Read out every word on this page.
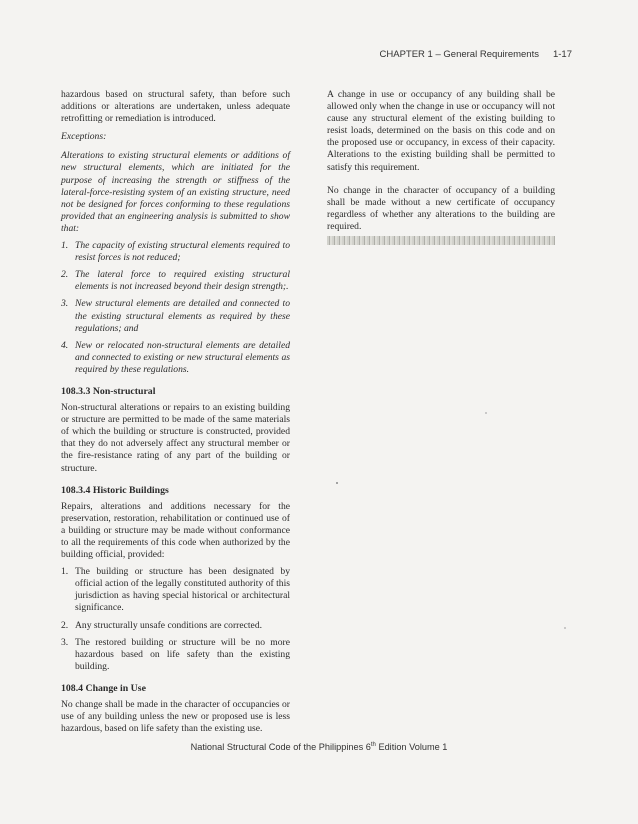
CHAPTER 1 – General Requirements 1-17

hazardous based on structural safety, than before such additions or alterations are undertaken, unless adequate retrofitting or remediation is introduced.

Exceptions:

Alterations to existing structural elements or additions of new structural elements, which are initiated for the purpose of increasing the strength or stiffness of the lateral-force-resisting system of an existing structure, need not be designed for forces conforming to these regulations provided that an engineering analysis is submitted to show that:

1. The capacity of existing structural elements required to resist forces is not reduced;
2. The lateral force to required existing structural elements is not increased beyond their design strength;.
3. New structural elements are detailed and connected to the existing structural elements as required by these regulations; and
4. New or relocated non-structural elements are detailed and connected to existing or new structural elements as required by these regulations.
108.3.3 Non-structural

Non-structural alterations or repairs to an existing building or structure are permitted to be made of the same materials of which the building or structure is constructed, provided that they do not adversely affect any structural member or the fire-resistance rating of any part of the building or structure.

108.3.4 Historic Buildings

Repairs, alterations and additions necessary for the preservation, restoration, rehabilitation or continued use of a building or structure may be made without conformance to all the requirements of this code when authorized by the building official, provided:

1. The building or structure has been designated by official action of the legally constituted authority of this jurisdiction as having special historical or architectural significance.
2. Any structurally unsafe conditions are corrected.
3. The restored building or structure will be no more hazardous based on life safety than the existing building.
108.4 Change in Use

No change shall be made in the character of occupancies or use of any building unless the new or proposed use is less hazardous, based on life safety than the existing use.

A change in use or occupancy of any building shall be allowed only when the change in use or occupancy will not cause any structural element of the existing building to resist loads, determined on the basis on this code and on the proposed use or occupancy, in excess of their capacity. Alterations to the existing building shall be permitted to satisfy this requirement.

No change in the character of occupancy of a building shall be made without a new certificate of occupancy regardless of whether any alterations to the building are required.

National Structural Code of the Philippines 6th Edition Volume 1
